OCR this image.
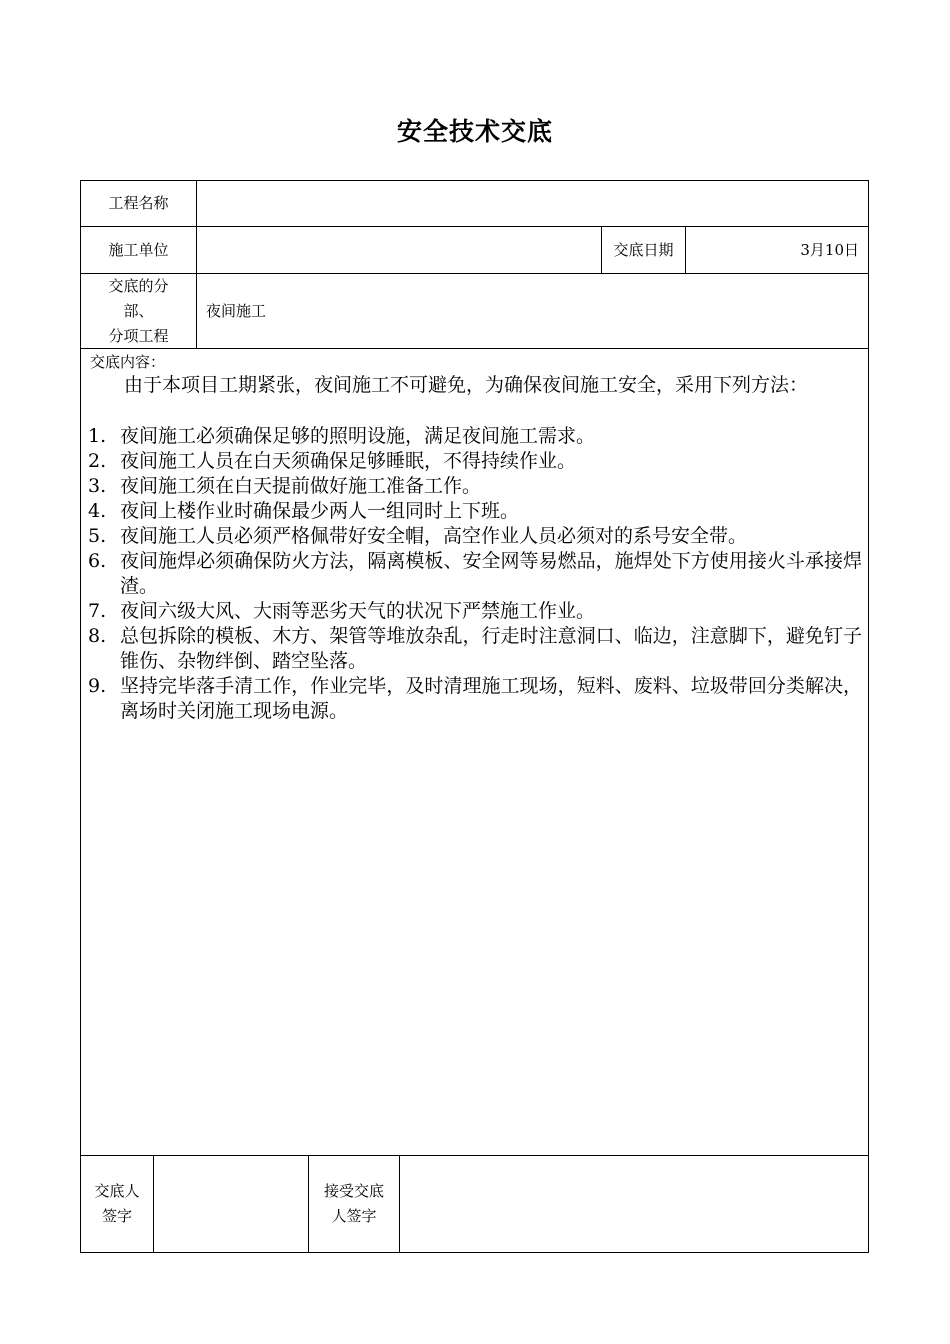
安全技术交底
工程名称
施工单位	交底日期	3月10日
交底的分
部、
分项工程
夜间施工
交底内容：
由于本项目工期紧张，夜间施工不可避免，为确保夜间施工安全，采用下列方法：
1. 夜间施工必须确保足够的照明设施，满足夜间施工需求。
2. 夜间施工人员在白天须确保足够睡眠，不得持续作业。
3. 夜间施工须在白天提前做好施工准备工作。
4. 夜间上楼作业时确保最少两人一组同时上下班。
5. 夜间施工人员必须严格佩带好安全帽，高空作业人员必须对的系号安全带。
6. 夜间施焊必须确保防火方法，隔离模板、安全网等易燃品，施焊处下方使用接火斗承接焊渣。
7. 夜间六级大风、大雨等恶劣天气的状况下严禁施工作业。
8. 总包拆除的模板、木方、架管等堆放杂乱，行走时注意洞口、临边，注意脚下，避免钉子锥伤、杂物绊倒、踏空坠落。
9. 坚持完毕落手清工作，作业完毕，及时清理施工现场，短料、废料、垃圾带回分类解决，离场时关闭施工现场电源。
交底人
签字
接受交底
人签字
